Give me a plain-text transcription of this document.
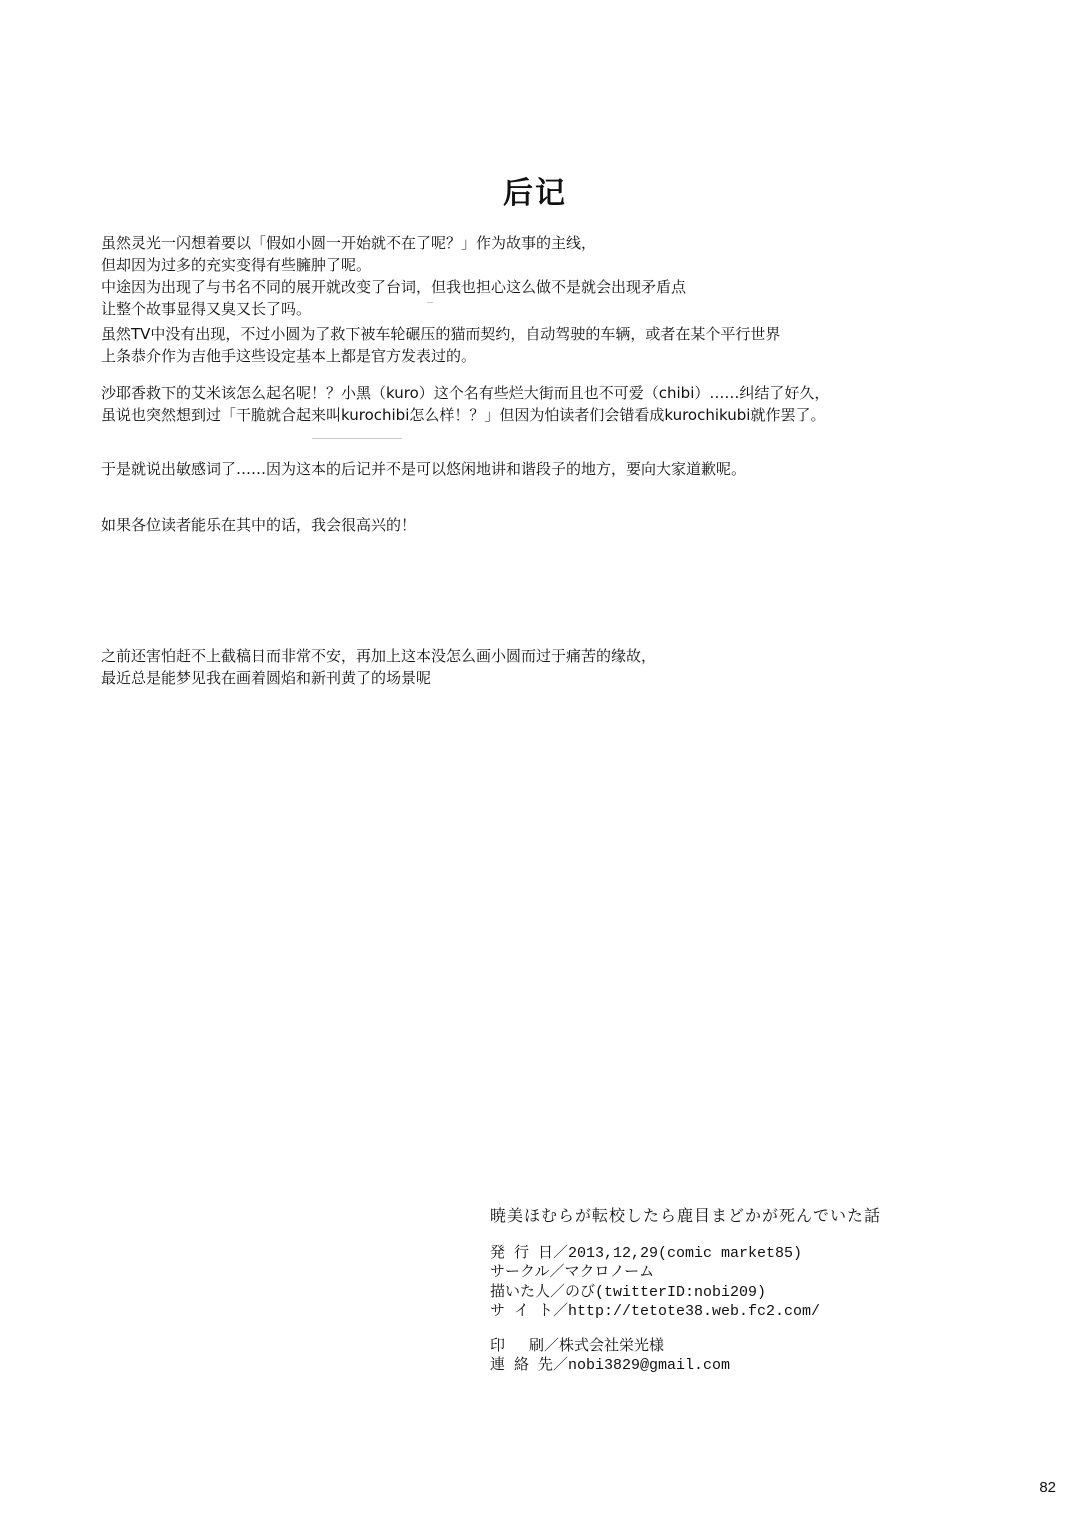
后记
虽然灵光一闪想着要以「假如小圆一开始就不在了呢？」作为故事的主线，
但却因为过多的充实变得有些臃肿了呢。
中途因为出现了与书名不同的展开就改变了台词，但我也担心这么做不是就会出现矛盾点
让整个故事显得又臭又长了吗。
虽然TV中没有出现，不过小圆为了救下被车轮碾压的猫而契约，自动驾驶的车辆，或者在某个平行世界
上条恭介作为吉他手这些设定基本上都是官方发表过的。
沙耶香救下的艾米该怎么起名呢！？小黑（kuro）这个名有些烂大街而且也不可爱（chibi）……纠结了好久，
虽说也突然想到过「干脆就合起来叫kurochibi怎么样！？」但因为怕读者们会错看成kurochikubi就作罢了。
于是就说出敏感词了……因为这本的后记并不是可以悠闲地讲和谐段子的地方，要向大家道歉呢。
如果各位读者能乐在其中的话，我会很高兴的！
之前还害怕赶不上截稿日而非常不安，再加上这本没怎么画小圆而过于痛苦的缘故，
最近总是能梦见我在画着圆焰和新刊黄了的场景呢
暁美ほむらが転校したら鹿目まどかが死んでいた話
発 行 日／2013,12,29(comic market85)
サークル／マクロノーム
描いた人／のび(twitterID:nobi209)
サ イ ト／http://tetote38.web.fc2.com/
印　 刷／株式会社栄光様
連 絡 先／nobi3829@gmail.com
82
